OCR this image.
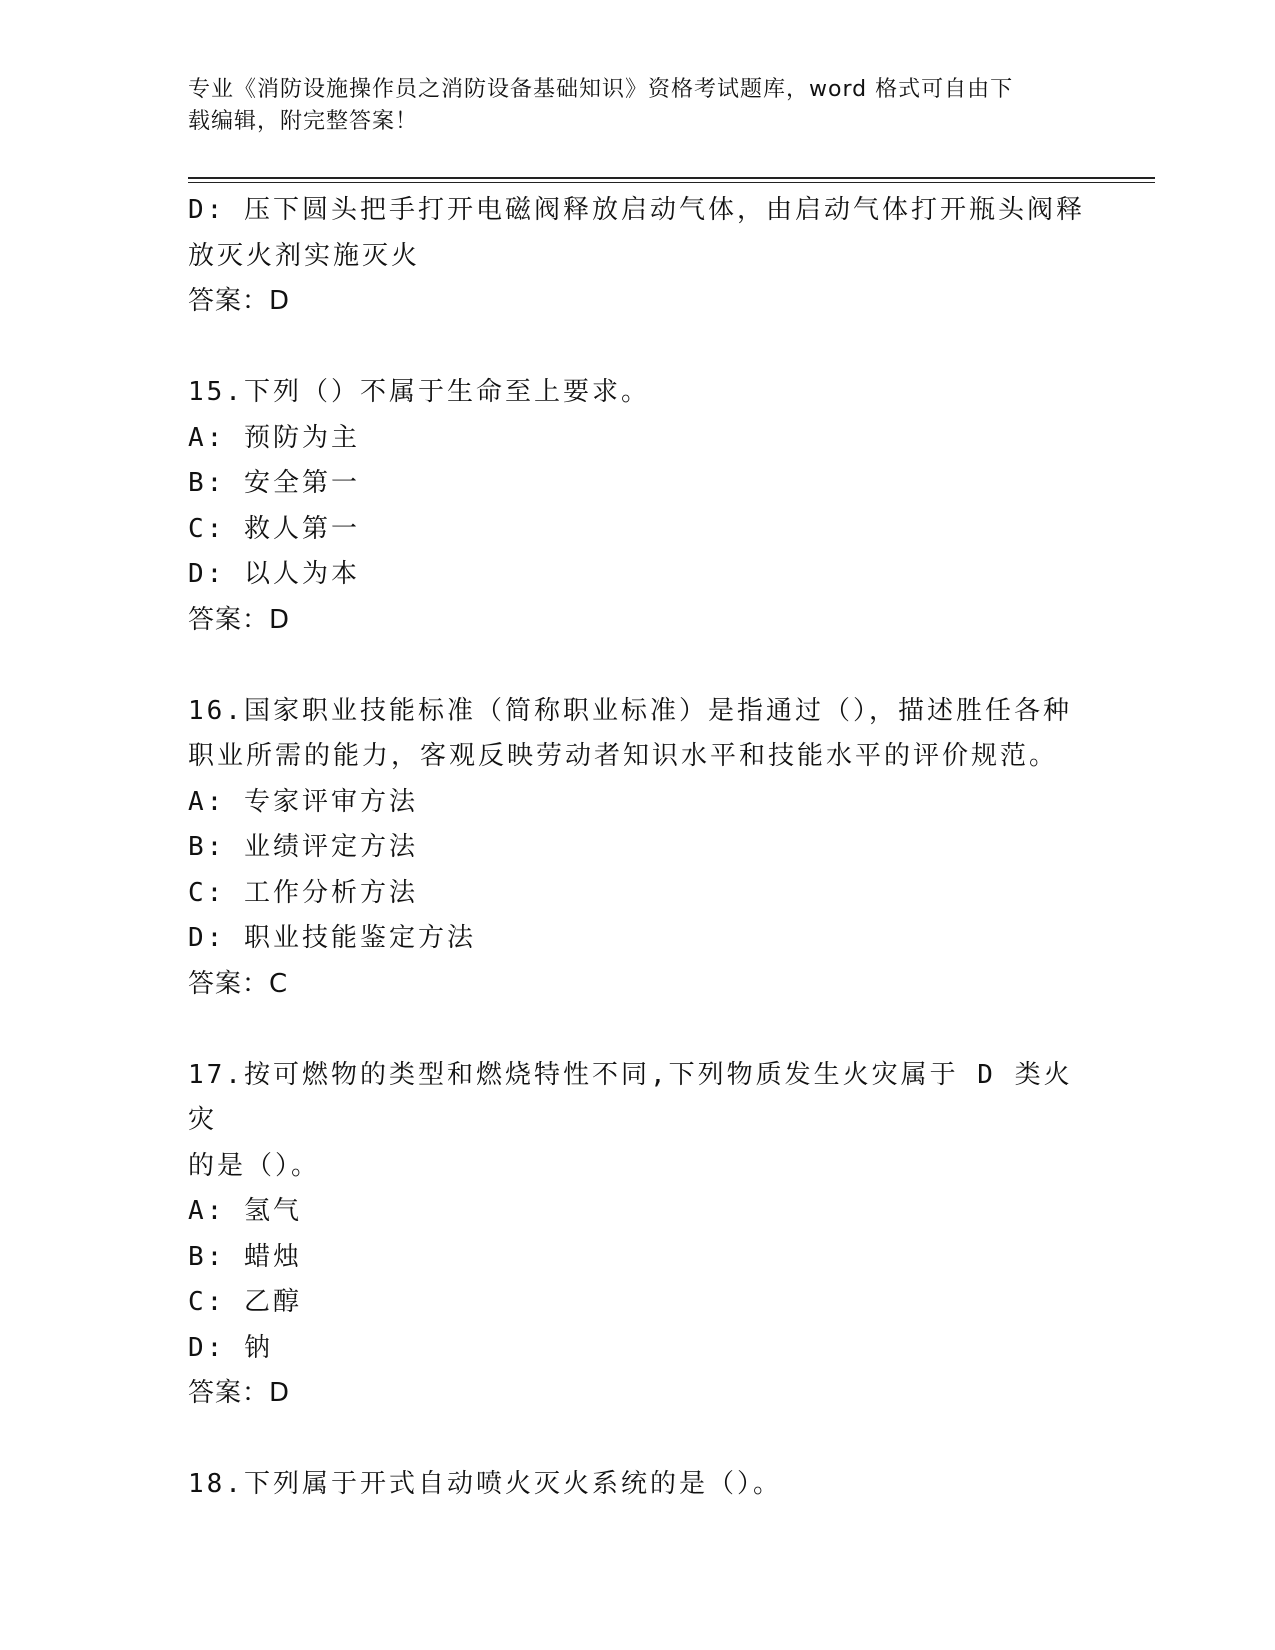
专业《消防设施操作员之消防设备基础知识》资格考试题库，word 格式可自由下
载编辑，附完整答案！
D: 压下圆头把手打开电磁阀释放启动气体，由启动气体打开瓶头阀释
放灭火剂实施灭火
答案：D
15.下列（）不属于生命至上要求。
A: 预防为主
B: 安全第一
C: 救人第一
D: 以人为本
答案：D
16.国家职业技能标准（简称职业标准）是指通过（），描述胜任各种
职业所需的能力，客观反映劳动者知识水平和技能水平的评价规范。
A: 专家评审方法
B: 业绩评定方法
C: 工作分析方法
D: 职业技能鉴定方法
答案：C
17.按可燃物的类型和燃烧特性不同,下列物质发生火灾属于 D 类火灾
的是（）。
A: 氢气
B: 蜡烛
C: 乙醇
D: 钠
答案：D
18.下列属于开式自动喷火灭火系统的是（）。
